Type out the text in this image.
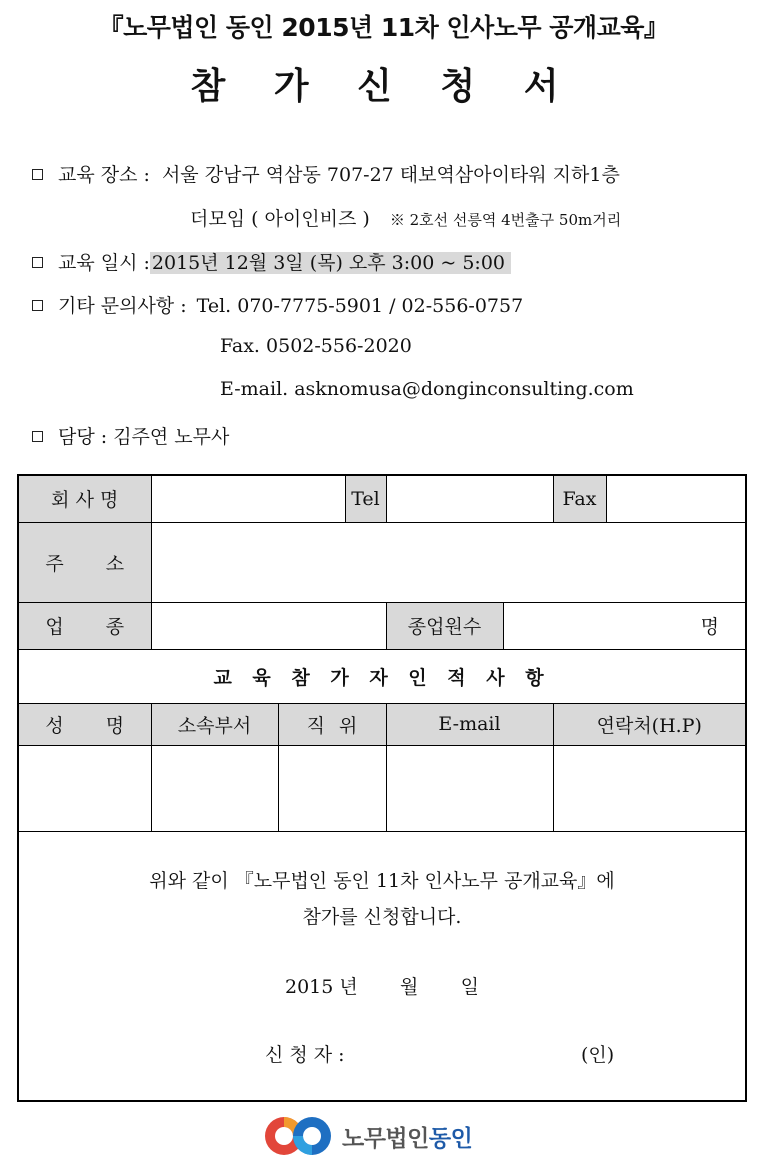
『노무법인 동인 2015년 11차 인사노무 공개교육』
참 가 신 청 서
교육 장소 : 서울 강남구 역삼동 707-27 태보역삼아이타워 지하1층
더모임 ( 아이인비즈 ) ※ 2호선 선릉역 4번출구 50m거리
교육 일시 : 2015년 12월 3일 (목) 오후 3:00 ~ 5:00
기타 문의사항 : Tel. 070-7775-5901 / 02-556-0757
Fax. 0502-556-2020
E-mail. asknomusa@donginconsulting.com
담당 : 김주연 노무사
회 사 명			Tel			Fax	
주 소							
업 종				종업원수	명		
교 육 참 가 자 인 적 사 항							
성 명	소속부서	직 위		E-mail		연락처(H.P)	

위와 같이 『노무법인 동인 11차 인사노무 공개교육』에
참가를 신청합니다.
2015 년       월       일
신 청 자 : (인)							
노무법인동인
